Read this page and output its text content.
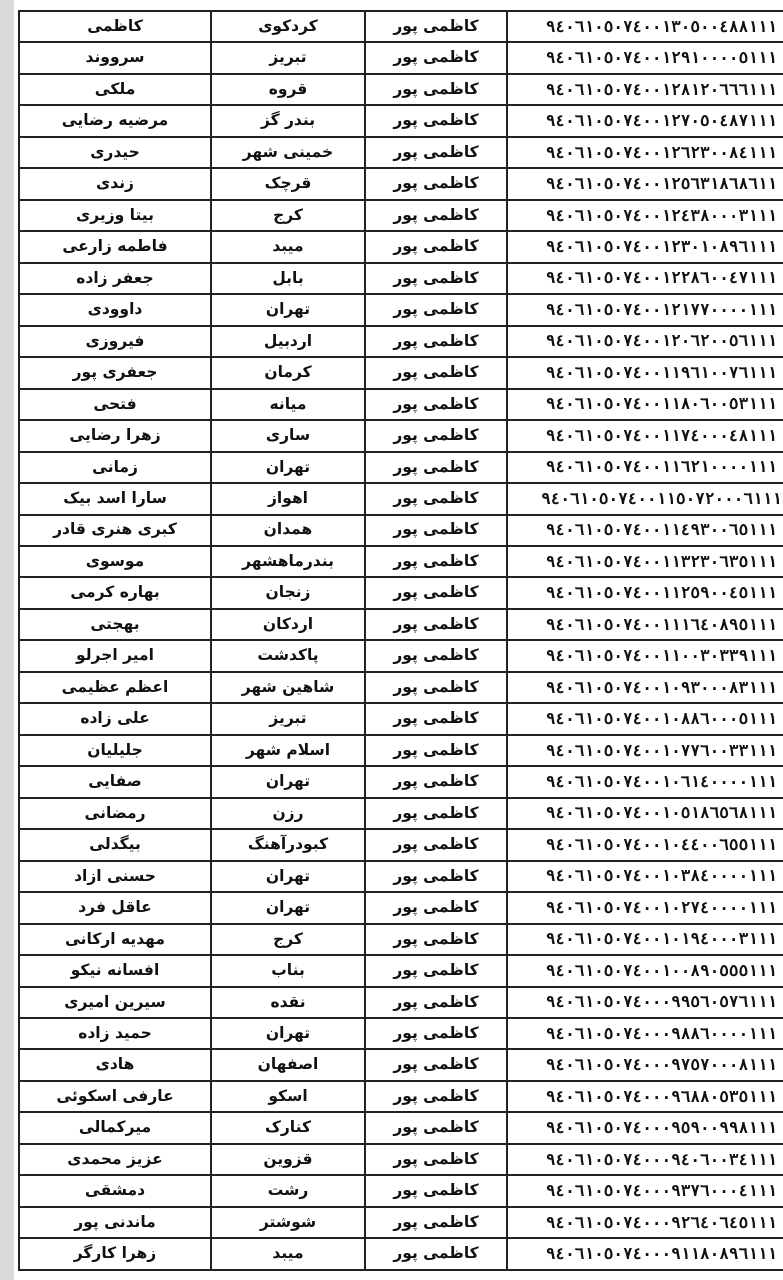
۹٤۰٦۱۰٥۰۷٤۰۰۱۳۰٥۰۰٤۸۸۱۱۱	کاظمی پور	کردکوی	کاظمی
۹٤۰٦۱۰٥۰۷٤۰۰۱۲۹۱۰۰۰۰٥۱۱۱	کاظمی پور	تبریز	سرووند
۹٤۰٦۱۰٥۰۷٤۰۰۱۲۸۱۲۰٦٦٦۱۱۱	کاظمی پور	قروه	ملکی
۹٤۰٦۱۰٥۰۷٤۰۰۱۲۷۰٥۰٤۸۷۱۱۱	کاظمی پور	بندر گز	مرضیه رضایی
۹٤۰٦۱۰٥۰۷٤۰۰۱۲٦۲۳۰۰۸٤۱۱۱	کاظمی پور	خمینی شهر	حیدری
۹٤۰٦۱۰٥۰۷٤۰۰۱۲٥٦۳۱۸٦۸٦۱۱	کاظمی پور	قرچک	زندی
۹٤۰٦۱۰٥۰۷٤۰۰۱۲٤۳۸۰۰۰۳۱۱۱	کاظمی پور	کرج	بیتا وزیری
۹٤۰٦۱۰٥۰۷٤۰۰۱۲۳۰۱۰۸۹٦۱۱۱	کاظمی پور	میبد	فاطمه زارعی
۹٤۰٦۱۰٥۰۷٤۰۰۱۲۲۸٦۰۰٤۷۱۱۱	کاظمی پور	بابل	جعفر زاده
۹٤۰٦۱۰٥۰۷٤۰۰۱۲۱۷۷۰۰۰۰۱۱۱	کاظمی پور	تهران	داوودی
۹٤۰٦۱۰٥۰۷٤۰۰۱۲۰٦۲۰۰٥٦۱۱۱	کاظمی پور	اردبیل	فیروزی
۹٤۰٦۱۰٥۰۷٤۰۰۱۱۹٦۱۰۰۷٦۱۱۱	کاظمی پور	کرمان	جعفری پور
۹٤۰٦۱۰٥۰۷٤۰۰۱۱۸۰٦۰۰٥۳۱۱۱	کاظمی پور	میانه	فتحی
۹٤۰٦۱۰٥۰۷٤۰۰۱۱۷٤۰۰۰٤۸۱۱۱	کاظمی پور	ساری	زهرا رضایی
۹٤۰٦۱۰٥۰۷٤۰۰۱۱٦۲۱۰۰۰۰۱۱۱	کاظمی پور	تهران	زمانی
۹٤۰٦۱۰٥۰۷٤۰۰۱۱٥۰۷۲۰۰۰٦۱۱۱	کاظمی پور	اهواز	سارا اسد بیک
۹٤۰٦۱۰٥۰۷٤۰۰۱۱٤۹۳۰۰٦٥۱۱۱	کاظمی پور	همدان	کبری هنری قادر
۹٤۰٦۱۰٥۰۷٤۰۰۱۱۳۲۳۰٦۳٥۱۱۱	کاظمی پور	بندرماهشهر	موسوی
۹٤۰٦۱۰٥۰۷٤۰۰۱۱۲٥۹۰۰٤٥۱۱۱	کاظمی پور	زنجان	بهاره کرمی
۹٤۰٦۱۰٥۰۷٤۰۰۱۱۱٦٤۰۸۹٥۱۱۱	کاظمی پور	اردکان	بهجتی
۹٤۰٦۱۰٥۰۷٤۰۰۱۱۰۰۳۰۳۳۹۱۱۱	کاظمی پور	پاکدشت	امیر اجرلو
۹٤۰٦۱۰٥۰۷٤۰۰۱۰۹۳۰۰۰۸۳۱۱۱	کاظمی پور	شاهین شهر	اعظم عظیمی
۹٤۰٦۱۰٥۰۷٤۰۰۱۰۸۸٦۰۰۰٥۱۱۱	کاظمی پور	تبریز	علی زاده
۹٤۰٦۱۰٥۰۷٤۰۰۱۰۷۷٦۰۰۳۳۱۱۱	کاظمی پور	اسلام شهر	جلیلیان
۹٤۰٦۱۰٥۰۷٤۰۰۱۰٦۱٤۰۰۰۰۱۱۱	کاظمی پور	تهران	صفایی
۹٤۰٦۱۰٥۰۷٤۰۰۱۰٥۱۸٦٥٦۸۱۱۱	کاظمی پور	رزن	رمضانی
۹٤۰٦۱۰٥۰۷٤۰۰۱۰٤٤۰۰٦٥٥۱۱۱	کاظمی پور	کبودرآهنگ	بیگدلی
۹٤۰٦۱۰٥۰۷٤۰۰۱۰۳۸٤۰۰۰۰۱۱۱	کاظمی پور	تهران	حسنی ازاد
۹٤۰٦۱۰٥۰۷٤۰۰۱۰۲۷٤۰۰۰۰۱۱۱	کاظمی پور	تهران	عاقل فرد
۹٤۰٦۱۰٥۰۷٤۰۰۱۰۱۹٤۰۰۰۳۱۱۱	کاظمی پور	کرج	مهدیه ارکانی
۹٤۰٦۱۰٥۰۷٤۰۰۱۰۰۸۹۰٥٥٥۱۱۱	کاظمی پور	بناب	افسانه نیکو
۹٤۰٦۱۰٥۰۷٤۰۰۰۹۹٥٦۰٥۷٦۱۱۱	کاظمی پور	نقده	سیرین امیری
۹٤۰٦۱۰٥۰۷٤۰۰۰۹۸۸٦۰۰۰۰۱۱۱	کاظمی پور	تهران	حمید زاده
۹٤۰٦۱۰٥۰۷٤۰۰۰۹۷٥۷۰۰۰۸۱۱۱	کاظمی پور	اصفهان	هادی
۹٤۰٦۱۰٥۰۷٤۰۰۰۹٦۸۸۰٥۳٥۱۱۱	کاظمی پور	اسکو	عارفی اسکوئی
۹٤۰٦۱۰٥۰۷٤۰۰۰۹٥۹۰۰۹۹۸۱۱۱	کاظمی پور	کنارک	میرکمالی
۹٤۰٦۱۰٥۰۷٤۰۰۰۹٤۰٦۰۰۳٤۱۱۱	کاظمی پور	قزوین	عزیز محمدی
۹٤۰٦۱۰٥۰۷٤۰۰۰۹۳۷٦۰۰۰٤۱۱۱	کاظمی پور	رشت	دمشقی
۹٤۰٦۱۰٥۰۷٤۰۰۰۹۲٦٤۰٦٤٥۱۱۱	کاظمی پور	شوشتر	ماندنی پور
۹٤۰٦۱۰٥۰۷٤۰۰۰۹۱۱۸۰۸۹٦۱۱۱	کاظمی پور	میبد	زهرا کارگر
